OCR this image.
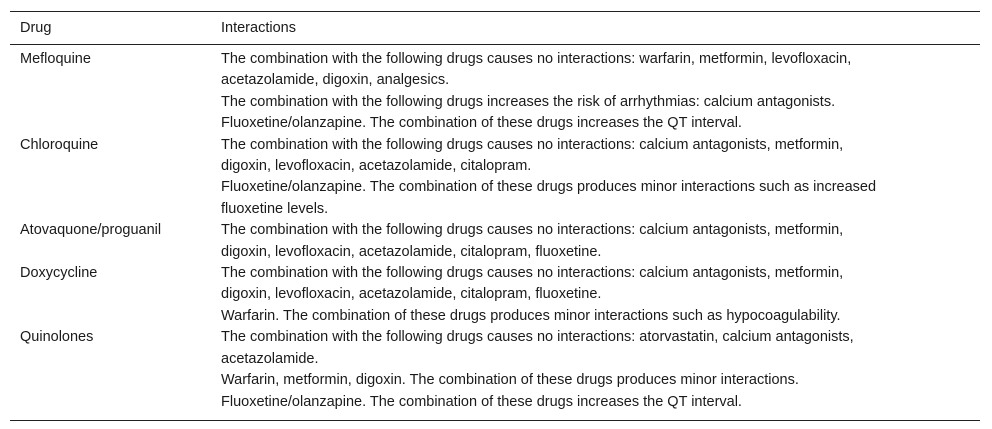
Drug	Interactions
Mefloquine	The combination with the following drugs causes no interactions: warfarin, metformin, levofloxacin,
acetazolamide, digoxin, analgesics.
The combination with the following drugs increases the risk of arrhythmias: calcium antagonists.
Fluoxetine/olanzapine. The combination of these drugs increases the QT interval.

Chloroquine	The combination with the following drugs causes no interactions: calcium antagonists, metformin,
digoxin, levofloxacin, acetazolamide, citalopram.
Fluoxetine/olanzapine. The combination of these drugs produces minor interactions such as increased
fluoxetine levels.

Atovaquone/proguanil	The combination with the following drugs causes no interactions: calcium antagonists, metformin,
digoxin, levofloxacin, acetazolamide, citalopram, fluoxetine.

Doxycycline	The combination with the following drugs causes no interactions: calcium antagonists, metformin,
digoxin, levofloxacin, acetazolamide, citalopram, fluoxetine.
Warfarin. The combination of these drugs produces minor interactions such as hypocoagulability.

Quinolones	The combination with the following drugs causes no interactions: atorvastatin, calcium antagonists,
acetazolamide.
Warfarin, metformin, digoxin. The combination of these drugs produces minor interactions.
Fluoxetine/olanzapine. The combination of these drugs increases the QT interval.
